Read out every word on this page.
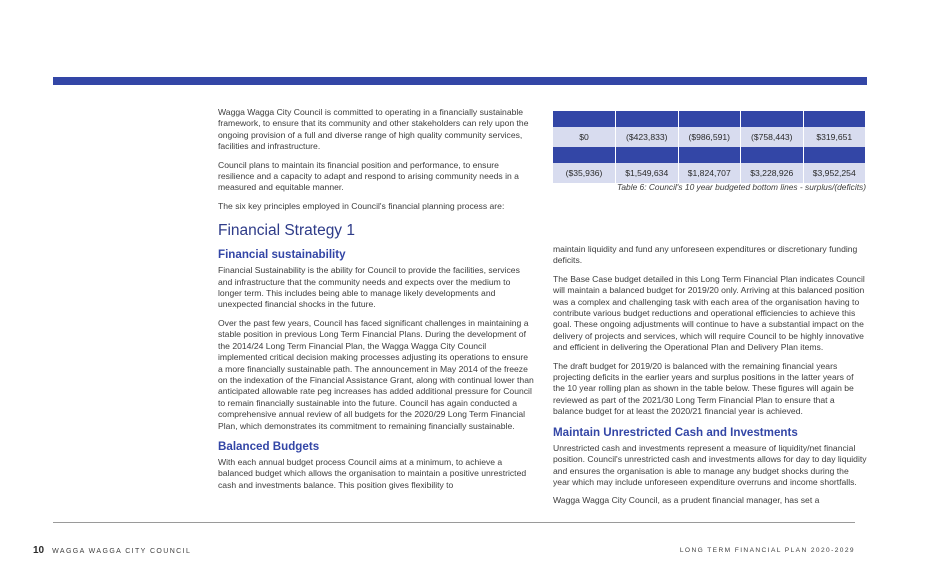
Wagga Wagga City Council is committed to operating in a financially sustainable framework, to ensure that its community and other stakeholders can rely upon the ongoing provision of a full and diverse range of high quality community services, facilities and infrastructure.

Council plans to maintain its financial position and performance, to ensure resilience and a capacity to adapt and respond to arising community needs in a measured and equitable manner.

The six key principles employed in Council's financial planning process are:

Financial Strategy 1
Financial sustainability

Financial Sustainability is the ability for Council to provide the facilities, services and infrastructure that the community needs and expects over the medium to longer term. This includes being able to manage likely developments and unexpected financial shocks in the future.

Over the past few years, Council has faced significant challenges in maintaining a stable position in previous Long Term Financial Plans. During the development of the 2014/24 Long Term Financial Plan, the Wagga Wagga City Council implemented critical decision making processes adjusting its operations to ensure a more financially sustainable path. The announcement in May 2014 of the freeze on the indexation of the Financial Assistance Grant, along with continual lower than anticipated allowable rate peg increases has added additional pressure for Council to remain financially sustainable into the future. Council has again conducted a comprehensive annual review of all budgets for the 2020/29 Long Term Financial Plan, which demonstrates its commitment to remaining financially sustainable.

Balanced Budgets

With each annual budget process Council aims at a minimum, to achieve a balanced budget which allows the organisation to maintain a positive unrestricted cash and investments balance. This position gives flexibility to

$0	($423,833)	($986,591)	($758,443)	$319,651

($35,936)	$1,549,634	$1,824,707	$3,228,926	$3,952,254
Table 6: Council's 10 year budgeted bottom lines - surplus/(deficits)

maintain liquidity and fund any unforeseen expenditures or discretionary funding deficits.

The Base Case budget detailed in this Long Term Financial Plan indicates Council will maintain a balanced budget for 2019/20 only. Arriving at this balanced position was a complex and challenging task with each area of the organisation having to contribute various budget reductions and operational efficiencies to achieve this goal. These ongoing adjustments will continue to have a substantial impact on the delivery of projects and services, which will require Council to be highly innovative and efficient in delivering the Operational Plan and Delivery Plan items.

The draft budget for 2019/20 is balanced with the remaining financial years projecting deficits in the earlier years and surplus positions in the latter years of the 10 year rolling plan as shown in the table below. These figures will again be reviewed as part of the 2021/30 Long Term Financial Plan to ensure that a balance budget for at least the 2020/21 financial year is achieved.

Maintain Unrestricted Cash and Investments

Unrestricted cash and investments represent a measure of liquidity/net financial position. Council's unrestricted cash and investments allows for day to day liquidity and ensures the organisation is able to manage any budget shocks during the year which may include unforeseen expenditure overruns and income shortfalls.

Wagga Wagga City Council, as a prudent financial manager, has set a

10 WAGGA WAGGA CITY COUNCIL	LONG TERM FINANCIAL PLAN 2020-2029
